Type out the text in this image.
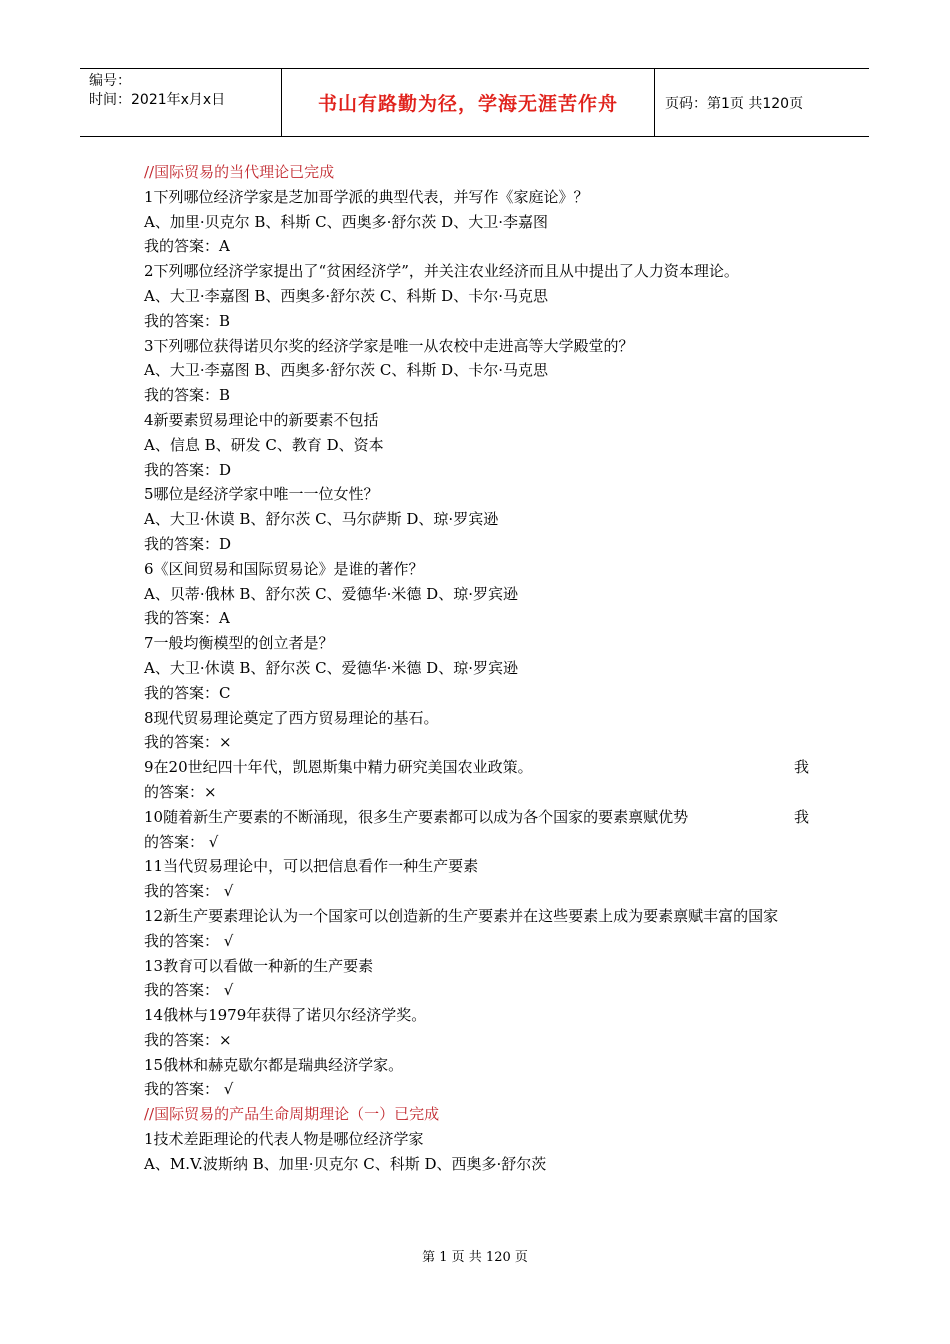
编号：
时间：2021年x月x日	书山有路勤为径，学海无涯苦作舟	页码：第1页 共120页
//国际贸易的当代理论已完成
1下列哪位经济学家是芝加哥学派的典型代表，并写作《家庭论》？
A、加里·贝克尔 B、科斯 C、西奥多·舒尔茨 D、大卫·李嘉图
我的答案：A
2下列哪位经济学家提出了“贫困经济学”，并关注农业经济而且从中提出了人力资本理论。
A、大卫·李嘉图 B、西奥多·舒尔茨 C、科斯 D、卡尔·马克思
我的答案：B
3下列哪位获得诺贝尔奖的经济学家是唯一从农校中走进高等大学殿堂的？
A、大卫·李嘉图 B、西奥多·舒尔茨 C、科斯 D、卡尔·马克思
我的答案：B
4新要素贸易理论中的新要素不包括
A、信息 B、研发 C、教育 D、资本
我的答案：D
5哪位是经济学家中唯一一位女性？
A、大卫·休谟 B、舒尔茨 C、马尔萨斯 D、琼·罗宾逊
我的答案：D
6《区间贸易和国际贸易论》是谁的著作？
A、贝蒂·俄林 B、舒尔茨 C、爱德华·米德 D、琼·罗宾逊
我的答案：A
7一般均衡模型的创立者是？
A、大卫·休谟 B、舒尔茨 C、爱德华·米德 D、琼·罗宾逊
我的答案：C
8现代贸易理论奠定了西方贸易理论的基石。
我的答案：×
9在20世纪四十年代，凯恩斯集中精力研究美国农业政策。	我
的答案：×
10随着新生产要素的不断涌现，很多生产要素都可以成为各个国家的要素禀赋优势	我
的答案： √
11当代贸易理论中，可以把信息看作一种生产要素
我的答案： √
12新生产要素理论认为一个国家可以创造新的生产要素并在这些要素上成为要素禀赋丰富的国家
我的答案： √
13教育可以看做一种新的生产要素
我的答案： √
14俄林与1979年获得了诺贝尔经济学奖。
我的答案：×
15俄林和赫克歇尔都是瑞典经济学家。
我的答案： √
//国际贸易的产品生命周期理论（一）已完成
1技术差距理论的代表人物是哪位经济学家
A、M.V.波斯纳 B、加里·贝克尔 C、科斯 D、西奥多·舒尔茨
第 1 页 共 120 页
